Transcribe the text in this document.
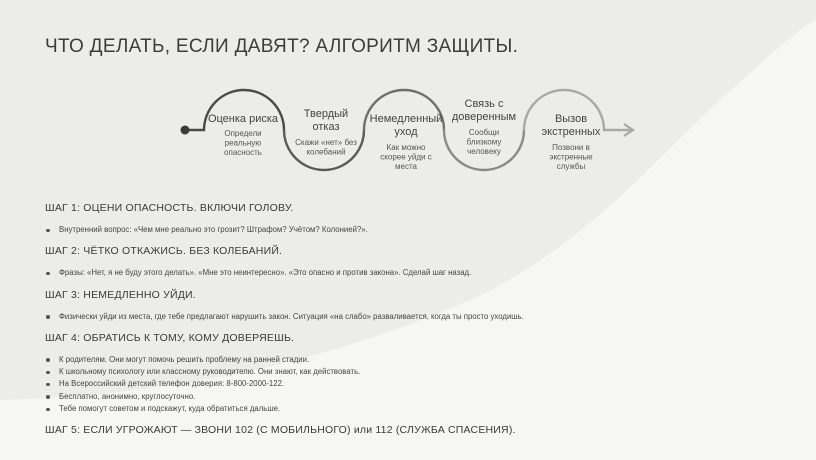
ЧТО ДЕЛАТЬ, ЕСЛИ ДАВЯТ? АЛГОРИТМ ЗАЩИТЫ.
Оценка риска
Определи
реальную
опасность
Твердый
отказ
Скажи «нет» без
колебаний
Немедленный
уход
Как можно
скорее уйди с
места
Связь с
доверенным
Сообщи
близкому
человеку
Вызов
экстренных
Позвони в
экстренные
службы
ШАГ 1: ОЦЕНИ ОПАСНОСТЬ. ВКЛЮЧИ ГОЛОВУ.
Внутренний вопрос: «Чем мне реально это грозит? Штрафом? Учётом? Колонией?».
ШАГ 2: ЧЁТКО ОТКАЖИСЬ. БЕЗ КОЛЕБАНИЙ.
Фразы: «Нет, я не буду этого делать». «Мне это неинтересно». «Это опасно и против закона». Сделай шаг назад.
ШАГ 3: НЕМЕДЛЕННО УЙДИ.
Физически уйди из места, где тебе предлагают нарушить закон. Ситуация «на слабо» разваливается, когда ты просто уходишь.
ШАГ 4: ОБРАТИСЬ К ТОМУ, КОМУ ДОВЕРЯЕШЬ.
К родителям. Они могут помочь решить проблему на ранней стадии.
К школьному психологу или классному руководителю. Они знают, как действовать.
На Всероссийский детский телефон доверия: 8-800-2000-122.
Бесплатно, анонимно, круглосуточно.
Тебе помогут советом и подскажут, куда обратиться дальше.
ШАГ 5: ЕСЛИ УГРОЖАЮТ — ЗВОНИ 102 (С МОБИЛЬНОГО) или 112 (СЛУЖБА СПАСЕНИЯ).
